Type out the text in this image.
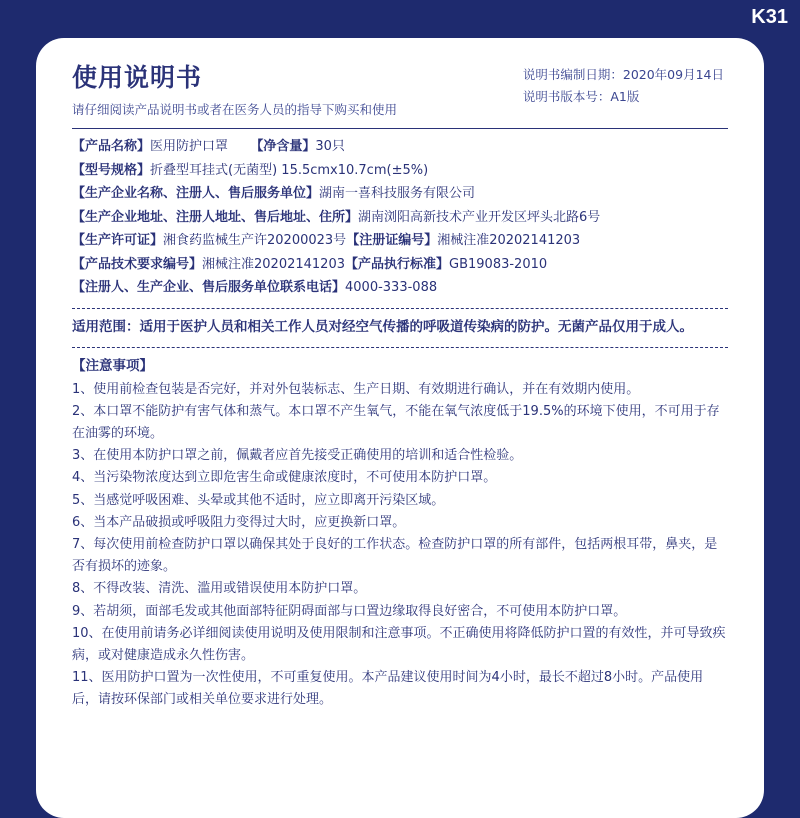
K31
使用说明书
请仔细阅读产品说明书或者在医务人员的指导下购买和使用
说明书编制日期：2020年09月14日
说明书版本号：A1版
【产品名称】医用防护口罩 【净含量】30只
【型号规格】折叠型耳挂式(无菌型) 15.5cmx10.7cm(±5%)
【生产企业名称、注册人、售后服务单位】湖南一喜科技服务有限公司
【生产企业地址、注册人地址、售后地址、住所】湖南浏阳高新技术产业开发区坪头北路6号
【生产许可证】湘食药监械生产许20200023号【注册证编号】湘械注准20202141203
【产品技术要求编号】湘械注准20202141203【产品执行标准】GB19083-2010
【注册人、生产企业、售后服务单位联系电话】4000-333-088
适用范围：适用于医护人员和相关工作人员对经空气传播的呼吸道传染病的防护。无菌产品仅用于成人。
【注意事项】

1、使用前检查包装是否完好，并对外包装标志、生产日期、有效期进行确认，并在有效期内使用。

2、本口罩不能防护有害气体和蒸气。本口罩不产生氧气，不能在氧气浓度低于19.5%的环境下使用，不可用于存在油雾的环境。

3、在使用本防护口罩之前，佩戴者应首先接受正确使用的培训和适合性检验。

4、当污染物浓度达到立即危害生命或健康浓度时，不可使用本防护口罩。

5、当感觉呼吸困难、头晕或其他不适时，应立即离开污染区域。

6、当本产品破损或呼吸阻力变得过大时，应更换新口罩。

7、每次使用前检查防护口罩以确保其处于良好的工作状态。检查防护口罩的所有部件，包括两根耳带，鼻夹，是否有损坏的迹象。

8、不得改装、清洗、滥用或错误使用本防护口罩。

9、若胡须，面部毛发或其他面部特征阴碍面部与口置边缘取得良好密合，不可使用本防护口罩。

10、在使用前请务必详细阅读使用说明及使用限制和注意事项。不正确使用将降低防护口置的有效性，并可导致疾病，或对健康造成永久性伤害。

11、医用防护口置为一次性使用，不可重复使用。本产品建议使用时间为4小时，最长不超过8小时。产品使用后，请按环保部门或相关单位要求进行处理。
